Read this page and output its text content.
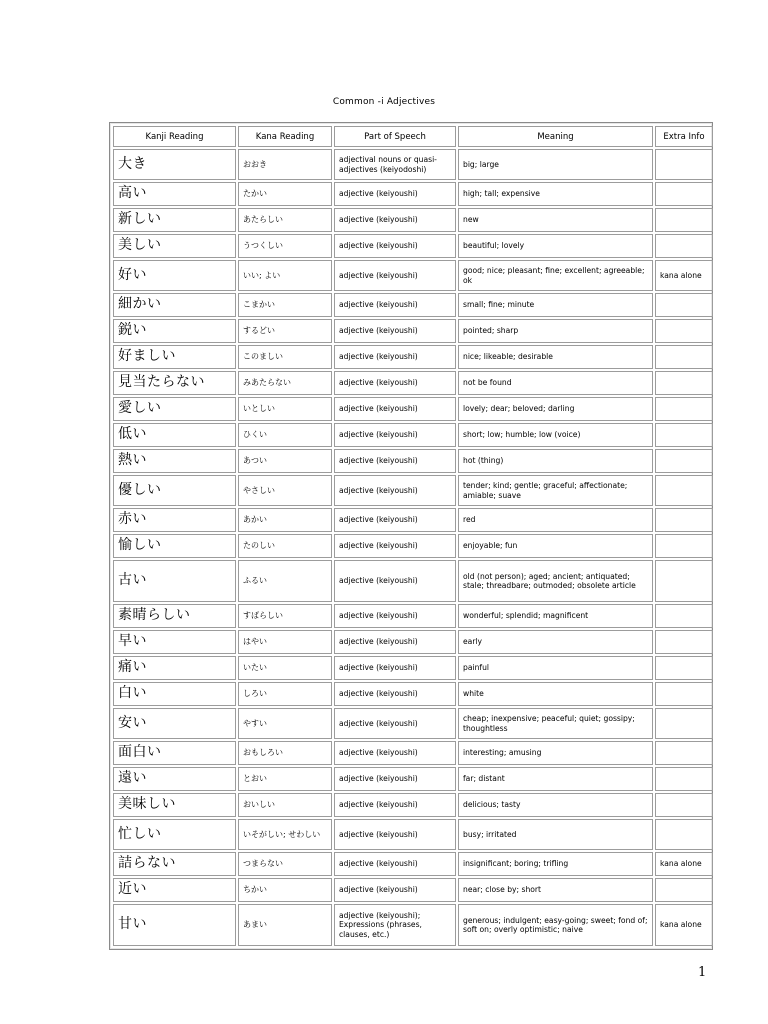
Common -i Adjectives
Kanji Reading	Kana Reading	Part of Speech	Meaning	Extra Info
大き	おおき	adjectival nouns or quasi-adjectives (keiyodoshi)	big; large	
高い	たかい	adjective (keiyoushi)	high; tall; expensive	
新しい	あたらしい	adjective (keiyoushi)	new	
美しい	うつくしい	adjective (keiyoushi)	beautiful; lovely	
好い	いい; よい	adjective (keiyoushi)	good; nice; pleasant; fine; excellent; agreeable; ok	kana alone
細かい	こまかい	adjective (keiyoushi)	small; fine; minute	
鋭い	するどい	adjective (keiyoushi)	pointed; sharp	
好ましい	このましい	adjective (keiyoushi)	nice; likeable; desirable	
見当たらない	みあたらない	adjective (keiyoushi)	not be found	
愛しい	いとしい	adjective (keiyoushi)	lovely; dear; beloved; darling	
低い	ひくい	adjective (keiyoushi)	short; low; humble; low (voice)	
熱い	あつい	adjective (keiyoushi)	hot (thing)	
優しい	やさしい	adjective (keiyoushi)	tender; kind; gentle; graceful; affectionate; amiable; suave	
赤い	あかい	adjective (keiyoushi)	red	
愉しい	たのしい	adjective (keiyoushi)	enjoyable; fun	
古い	ふるい	adjective (keiyoushi)	old (not person); aged; ancient; antiquated; stale; threadbare; outmoded; obsolete article	
素晴らしい	すばらしい	adjective (keiyoushi)	wonderful; splendid; magnificent	
早い	はやい	adjective (keiyoushi)	early	
痛い	いたい	adjective (keiyoushi)	painful	
白い	しろい	adjective (keiyoushi)	white	
安い	やすい	adjective (keiyoushi)	cheap; inexpensive; peaceful; quiet; gossipy; thoughtless	
面白い	おもしろい	adjective (keiyoushi)	interesting; amusing	
遠い	とおい	adjective (keiyoushi)	far; distant	
美味しい	おいしい	adjective (keiyoushi)	delicious; tasty	
忙しい	いそがしい; せわしい	adjective (keiyoushi)	busy; irritated	
詰らない	つまらない	adjective (keiyoushi)	insignificant; boring; trifling	kana alone
近い	ちかい	adjective (keiyoushi)	near; close by; short	
甘い	あまい	adjective (keiyoushi); Expressions (phrases, clauses, etc.)	generous; indulgent; easy-going; sweet; fond of; soft on; overly optimistic; naive	kana alone
1
